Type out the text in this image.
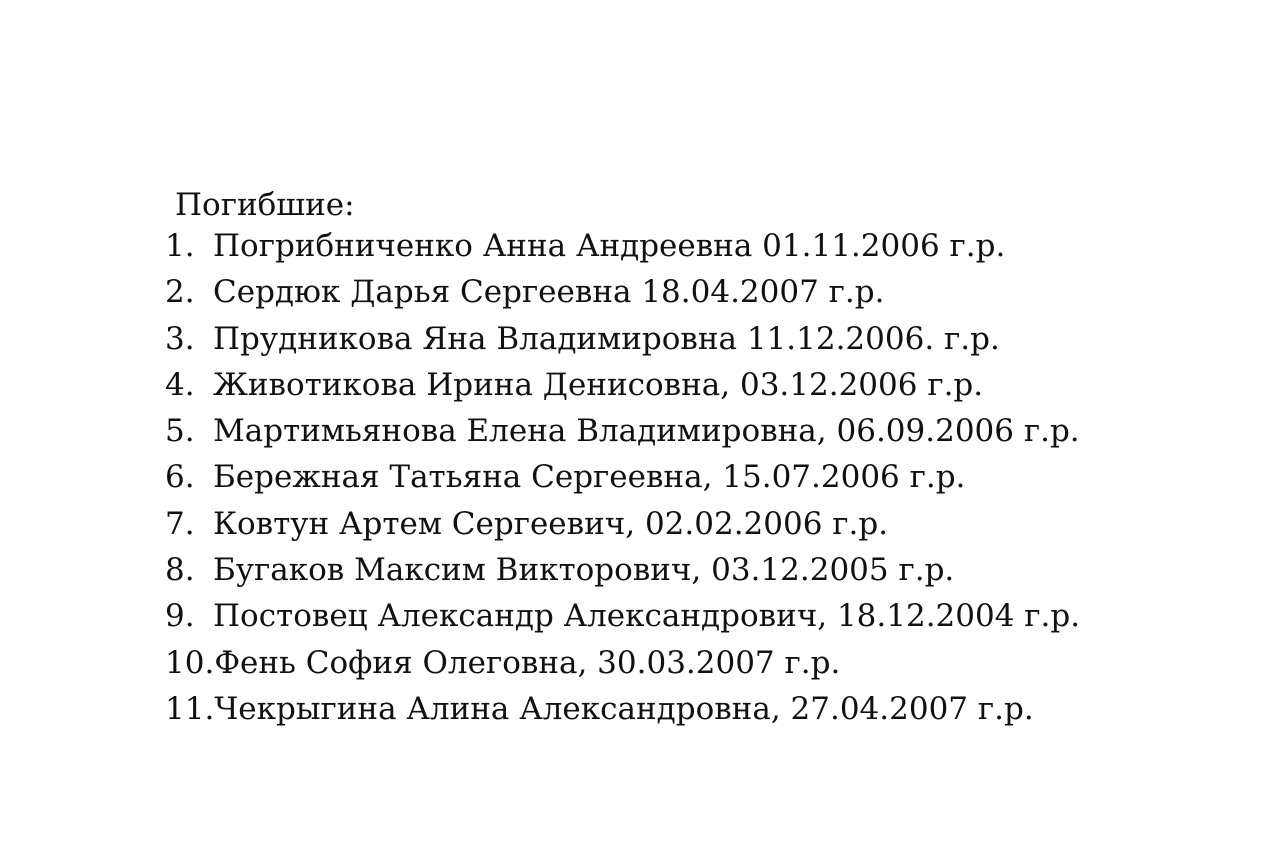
Погибшие:
1. Погрибниченко Анна Андреевна 01.11.2006 г.р.
2. Сердюк Дарья Сергеевна 18.04.2007 г.р.
3. Прудникова Яна Владимировна 11.12.2006. г.р.
4. Животикова Ирина Денисовна, 03.12.2006 г.р.
5. Мартимьянова Елена Владимировна, 06.09.2006 г.р.
6. Бережная Татьяна Сергеевна, 15.07.2006 г.р.
7. Ковтун Артем Сергеевич, 02.02.2006 г.р.
8. Бугаков Максим Викторович, 03.12.2005 г.р.
9. Постовец Александр Александрович, 18.12.2004 г.р.
10.Фень София Олеговна, 30.03.2007 г.р.
11.Чекрыгина Алина Александровна, 27.04.2007 г.р.
